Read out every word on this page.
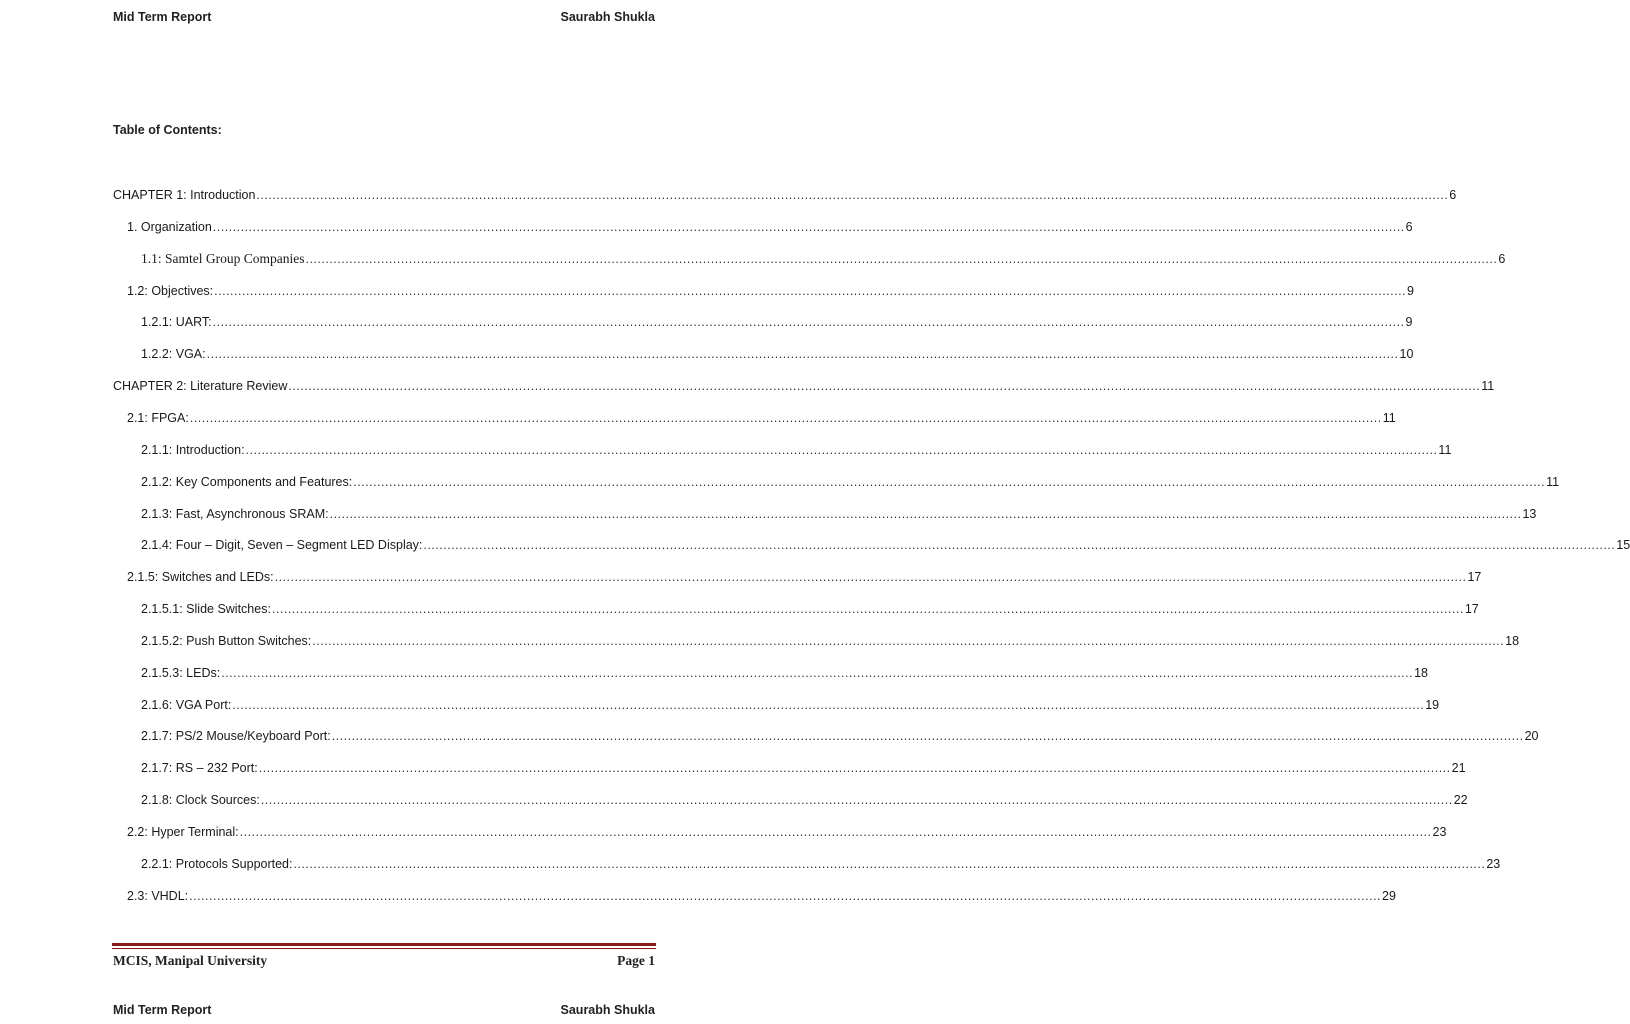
Mid Term Report	Saurabh Shukla
Table of Contents:
CHAPTER 1: Introduction ............................................................................................................................................................................................................................................................................................................ 6
1. Organization ............................................................................................................................................................................................................................................................................................................ 6
1.1: Samtel Group Companies ............................................................................................................................................................................................................................................................................................................ 6
1.2: Objectives: ............................................................................................................................................................................................................................................................................................................ 9
1.2.1: UART: ............................................................................................................................................................................................................................................................................................................ 9
1.2.2: VGA: ............................................................................................................................................................................................................................................................................................................ 10
CHAPTER 2: Literature Review ............................................................................................................................................................................................................................................................................................................ 11
2.1: FPGA: ............................................................................................................................................................................................................................................................................................................ 11
2.1.1: Introduction: ............................................................................................................................................................................................................................................................................................................ 11
2.1.2: Key Components and Features: ............................................................................................................................................................................................................................................................................................................ 11
2.1.3: Fast, Asynchronous SRAM: ............................................................................................................................................................................................................................................................................................................ 13
2.1.4: Four – Digit, Seven – Segment LED Display: ............................................................................................................................................................................................................................................................................................................ 15
2.1.5: Switches and LEDs: ............................................................................................................................................................................................................................................................................................................ 17
2.1.5.1: Slide Switches: ............................................................................................................................................................................................................................................................................................................ 17
2.1.5.2: Push Button Switches: ............................................................................................................................................................................................................................................................................................................ 18
2.1.5.3: LEDs: ............................................................................................................................................................................................................................................................................................................ 18
2.1.6: VGA Port: ............................................................................................................................................................................................................................................................................................................ 19
2.1.7: PS/2 Mouse/Keyboard Port: ............................................................................................................................................................................................................................................................................................................ 20
2.1.7: RS – 232 Port: ............................................................................................................................................................................................................................................................................................................ 21
2.1.8: Clock Sources: ............................................................................................................................................................................................................................................................................................................ 22
2.2: Hyper Terminal: ............................................................................................................................................................................................................................................................................................................ 23
2.2.1: Protocols Supported: ............................................................................................................................................................................................................................................................................................................ 23
2.3: VHDL: ............................................................................................................................................................................................................................................................................................................ 29
MCIS, Manipal University	Page 1
Mid Term Report	Saurabh Shukla
